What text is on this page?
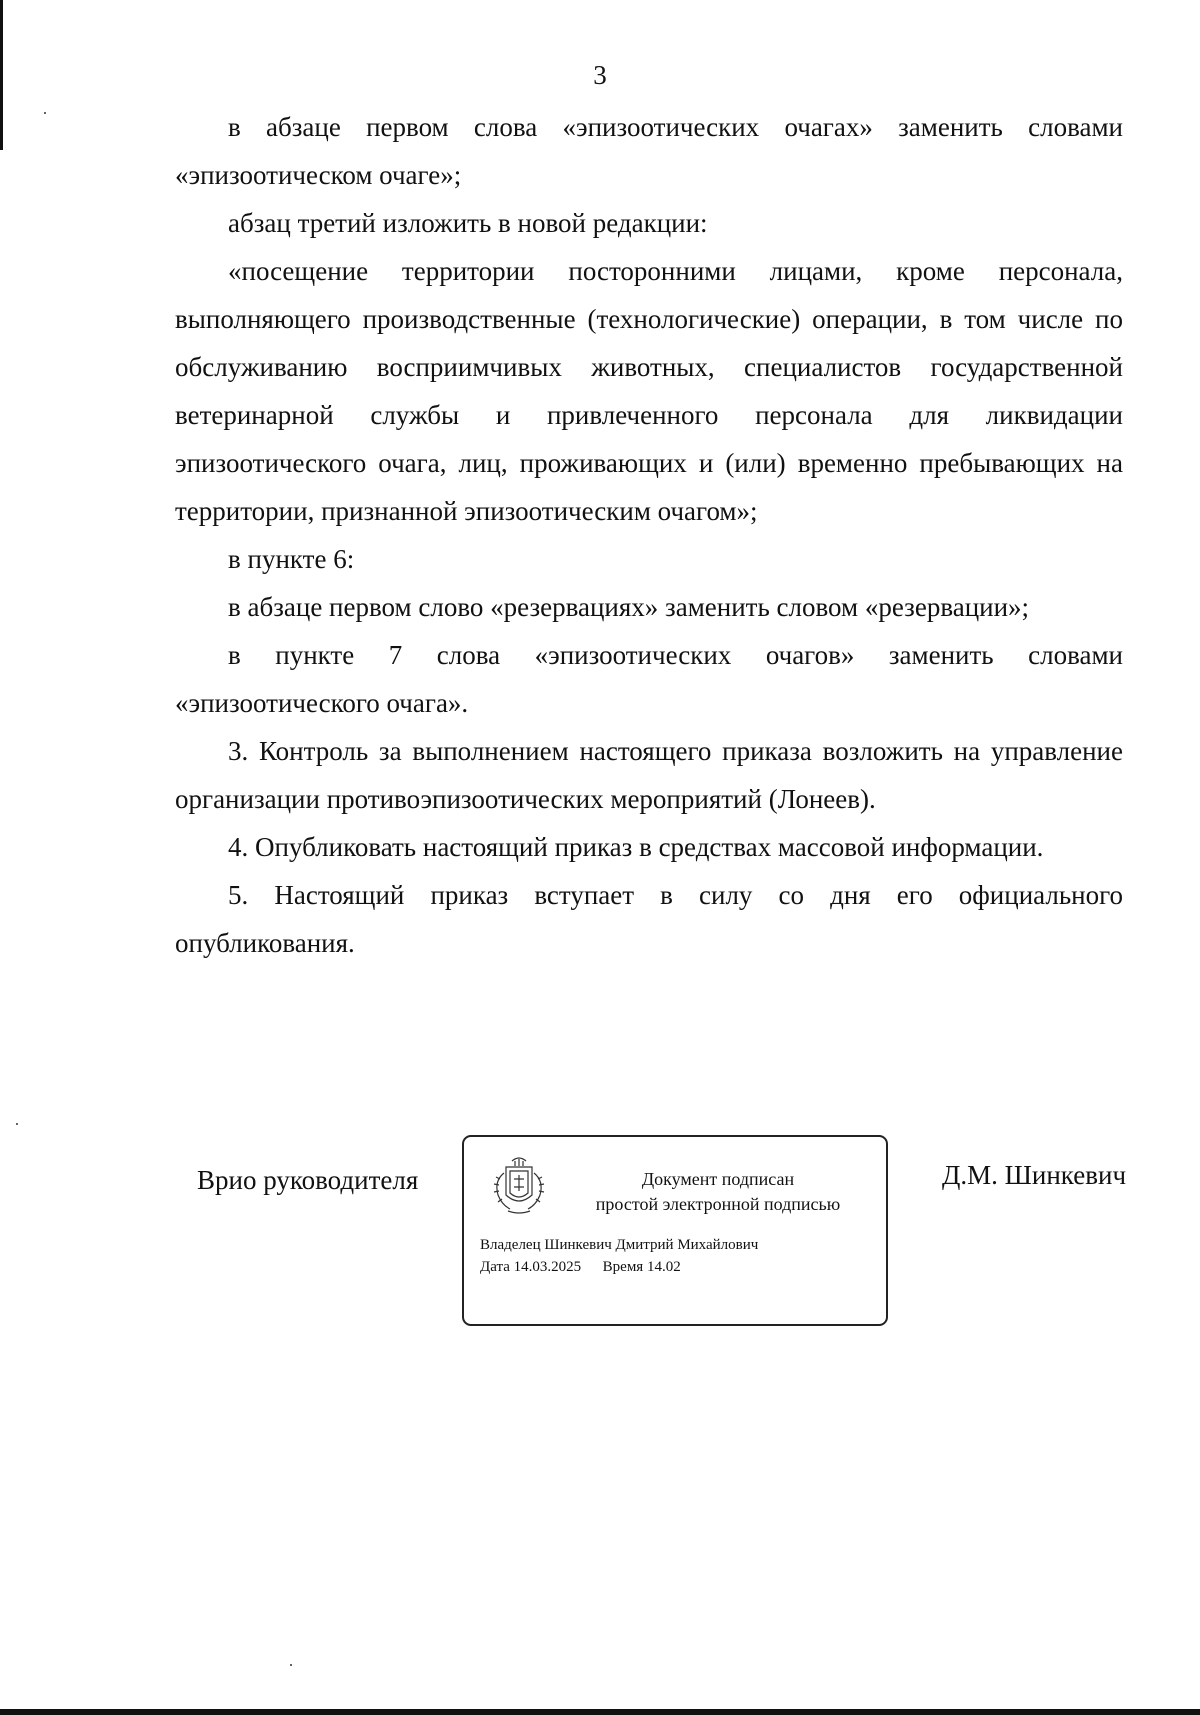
3

в абзаце первом слова «эпизоотических очагах» заменить словами «эпизоотическом очаге»;

абзац третий изложить в новой редакции:

«посещение территории посторонними лицами, кроме персонала, выполняющего производственные (технологические) операции, в том числе по обслуживанию восприимчивых животных, специалистов государственной ветеринарной службы и привлеченного персонала для ликвидации эпизоотического очага, лиц, проживающих и (или) временно пребывающих на территории, признанной эпизоотическим очагом»;

в пункте 6:

в абзаце первом слово «резервациях» заменить словом «резервации»;

в пункте 7 слова «эпизоотических очагов» заменить словами «эпизоотического очага».

3. Контроль за выполнением настоящего приказа возложить на управление организации противоэпизоотических мероприятий (Лонеев).

4. Опубликовать настоящий приказ в средствах массовой информации.

5. Настоящий приказ вступает в силу со дня его официального опубликования.

Врио руководителя	Документ подписан
простой электронной подписью
Владелец Шинкевич Дмитрий Михайлович
Дата 14.03.2025 Время 14.02
Д.М. Шинкевич
